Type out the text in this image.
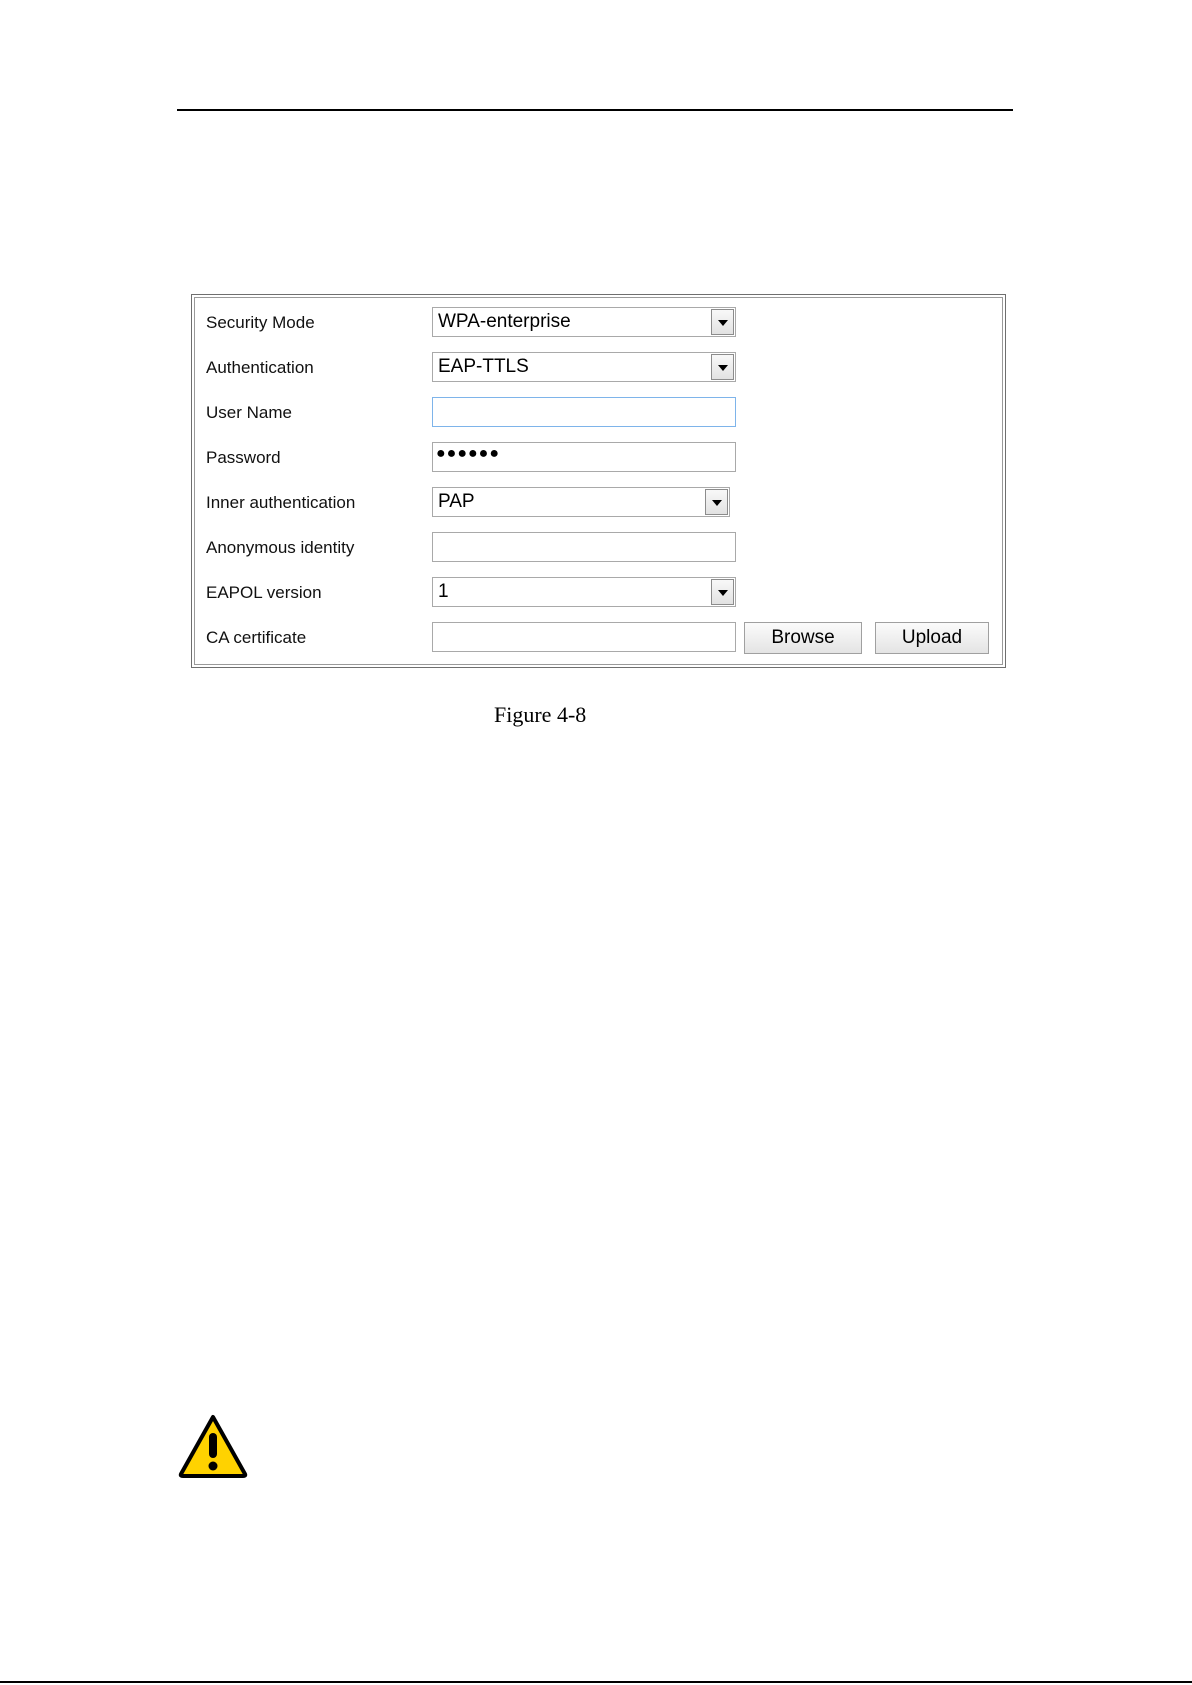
Security Mode	WPA-enterprise
Authentication	EAP-TTLS
User Name
Password	●●●●●●
Inner authentication	PAP
Anonymous identity
EAPOL version	1
CA certificate	Browse	Upload
Figure 4-8
